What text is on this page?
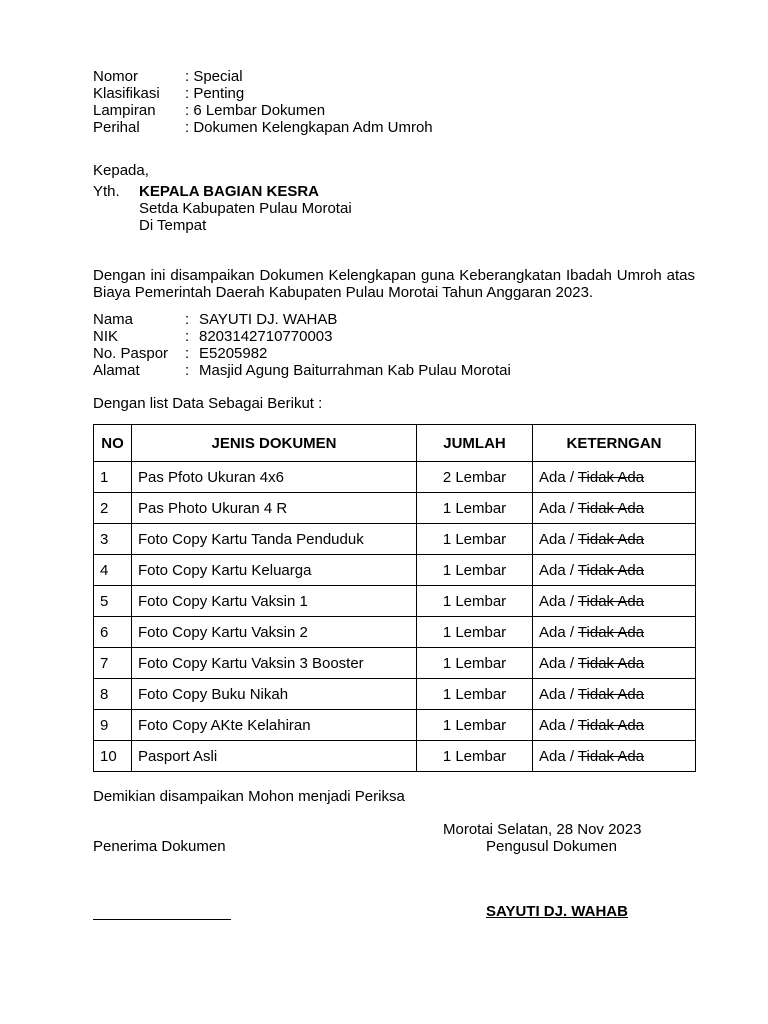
Nomor	: Special
Klasifikasi	: Penting
Lampiran	: 6 Lembar Dokumen
Perihal	: Dokumen Kelengkapan Adm Umroh
Kepada,
Yth.	KEPALA BAGIAN KESRA
Setda Kabupaten Pulau Morotai
Di Tempat
Dengan ini disampaikan Dokumen Kelengkapan guna Keberangkatan Ibadah Umroh atas Biaya Pemerintah Daerah Kabupaten Pulau Morotai Tahun Anggaran 2023.
Nama	: SAYUTI DJ. WAHAB
NIK	: 8203142710770003
No. Paspor	: E5205982
Alamat	: Masjid Agung Baiturrahman Kab Pulau Morotai
Dengan list Data Sebagai Berikut :
NO	JENIS DOKUMEN	JUMLAH	KETERNGAN
1	Pas Pfoto Ukuran 4x6	2 Lembar	Ada / Tidak Ada
2	Pas Photo Ukuran 4 R	1 Lembar	Ada / Tidak Ada
3	Foto Copy Kartu Tanda Penduduk	1 Lembar	Ada / Tidak Ada
4	Foto Copy Kartu Keluarga	1 Lembar	Ada / Tidak Ada
5	Foto Copy Kartu Vaksin 1	1 Lembar	Ada / Tidak Ada
6	Foto Copy Kartu Vaksin 2	1 Lembar	Ada / Tidak Ada
7	Foto Copy Kartu Vaksin 3 Booster	1 Lembar	Ada / Tidak Ada
8	Foto Copy Buku Nikah	1 Lembar	Ada / Tidak Ada
9	Foto Copy AKte Kelahiran	1 Lembar	Ada / Tidak Ada
10	Pasport Asli	1 Lembar	Ada / Tidak Ada
Demikian disampaikan Mohon menjadi Periksa
Morotai Selatan, 28 Nov 2023
Penerima Dokumen	Pengusul Dokumen
SAYUTI DJ. WAHAB
